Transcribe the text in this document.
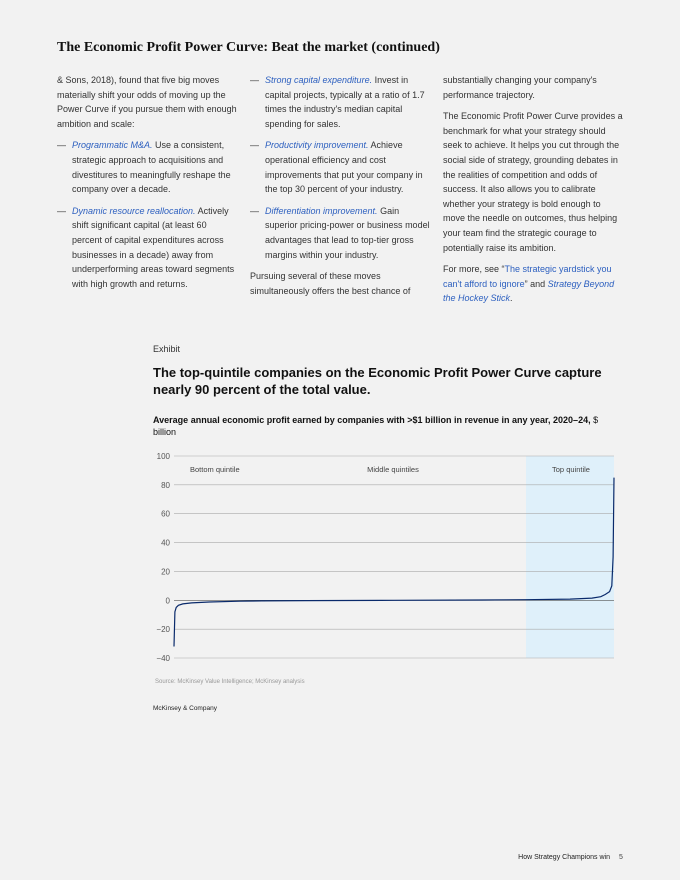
The Economic Profit Power Curve: Beat the market (continued)

& Sons, 2018), found that five big moves materially shift your odds of moving up the Power Curve if you pursue them with enough ambition and scale:

— Programmatic M&A. Use a consistent, strategic approach to acquisitions and divestitures to meaningfully reshape the company over a decade.
— Dynamic resource reallocation. Actively shift significant capital (at least 60 percent of capital expenditures across businesses in a decade) away from underperforming areas toward segments with high growth and returns.
— Strong capital expenditure. Invest in capital projects, typically at a ratio of 1.7 times the industry's median capital spending for sales.
— Productivity improvement. Achieve operational efficiency and cost improvements that put your company in the top 30 percent of your industry.
— Differentiation improvement. Gain superior pricing-power or business model advantages that lead to top-tier gross margins within your industry.

Pursuing several of these moves simultaneously offers the best chance of

substantially changing your company's performance trajectory.

The Economic Profit Power Curve provides a benchmark for what your strategy should seek to achieve. It helps you cut through the social side of strategy, grounding debates in the realities of competition and odds of success. It also allows you to calibrate whether your strategy is bold enough to move the needle on outcomes, thus helping your team find the strategic courage to potentially raise its ambition.

For more, see “The strategic yardstick you can't afford to ignore” and Strategy Beyond the Hockey Stick.

Exhibit

The top-quintile companies on the Economic Profit Power Curve capture nearly 90 percent of the total value.

Average annual economic profit earned by companies with >$1 billion in revenue in any year, 2020–24, $ billion

100
80
60
40
20
0
−20
−40
Bottom quintile	Middle quintiles	Top quintile

Source: McKinsey Value Intelligence; McKinsey analysis

McKinsey & Company

How Strategy Champions win 5
